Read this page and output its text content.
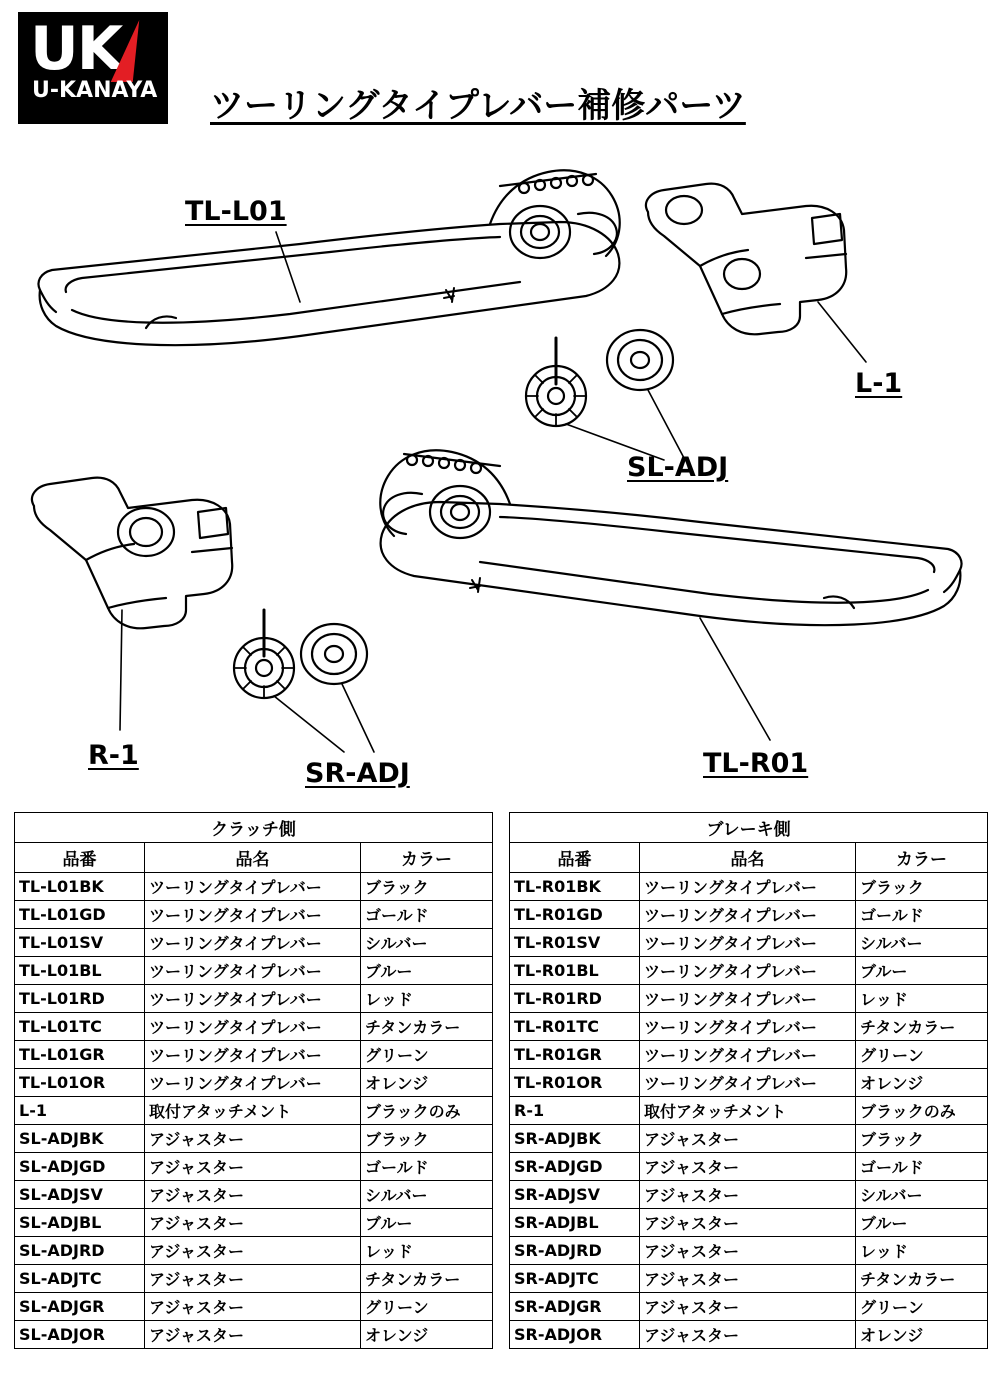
UK
U-KANAYA ツーリングタイプレバー補修パーツ
TL-L01
L-1
SL-ADJ
R-1
SR-ADJ	TL-R01
クラッチ側		
品番	品名	カラー
TL-L01BK	ツーリングタイプレバー	ブラック
TL-L01GD	ツーリングタイプレバー	ゴールド
TL-L01SV	ツーリングタイプレバー	シルバー
TL-L01BL	ツーリングタイプレバー	ブルー
TL-L01RD	ツーリングタイプレバー	レッド
TL-L01TC	ツーリングタイプレバー	チタンカラー
TL-L01GR	ツーリングタイプレバー	グリーン
TL-L01OR	ツーリングタイプレバー	オレンジ
L-1	取付アタッチメント	ブラックのみ
SL-ADJBK	アジャスター	ブラック
SL-ADJGD	アジャスター	ゴールド
SL-ADJSV	アジャスター	シルバー
SL-ADJBL	アジャスター	ブルー
SL-ADJRD	アジャスター	レッド
SL-ADJTC	アジャスター	チタンカラー
SL-ADJGR	アジャスター	グリーン
SL-ADJOR	アジャスター	オレンジ
ブレーキ側		
品番	品名	カラー
TL-R01BK	ツーリングタイプレバー	ブラック
TL-R01GD	ツーリングタイプレバー	ゴールド
TL-R01SV	ツーリングタイプレバー	シルバー
TL-R01BL	ツーリングタイプレバー	ブルー
TL-R01RD	ツーリングタイプレバー	レッド
TL-R01TC	ツーリングタイプレバー	チタンカラー
TL-R01GR	ツーリングタイプレバー	グリーン
TL-R01OR	ツーリングタイプレバー	オレンジ
R-1	取付アタッチメント	ブラックのみ
SR-ADJBK	アジャスター	ブラック
SR-ADJGD	アジャスター	ゴールド
SR-ADJSV	アジャスター	シルバー
SR-ADJBL	アジャスター	ブルー
SR-ADJRD	アジャスター	レッド
SR-ADJTC	アジャスター	チタンカラー
SR-ADJGR	アジャスター	グリーン
SR-ADJOR	アジャスター	オレンジ
